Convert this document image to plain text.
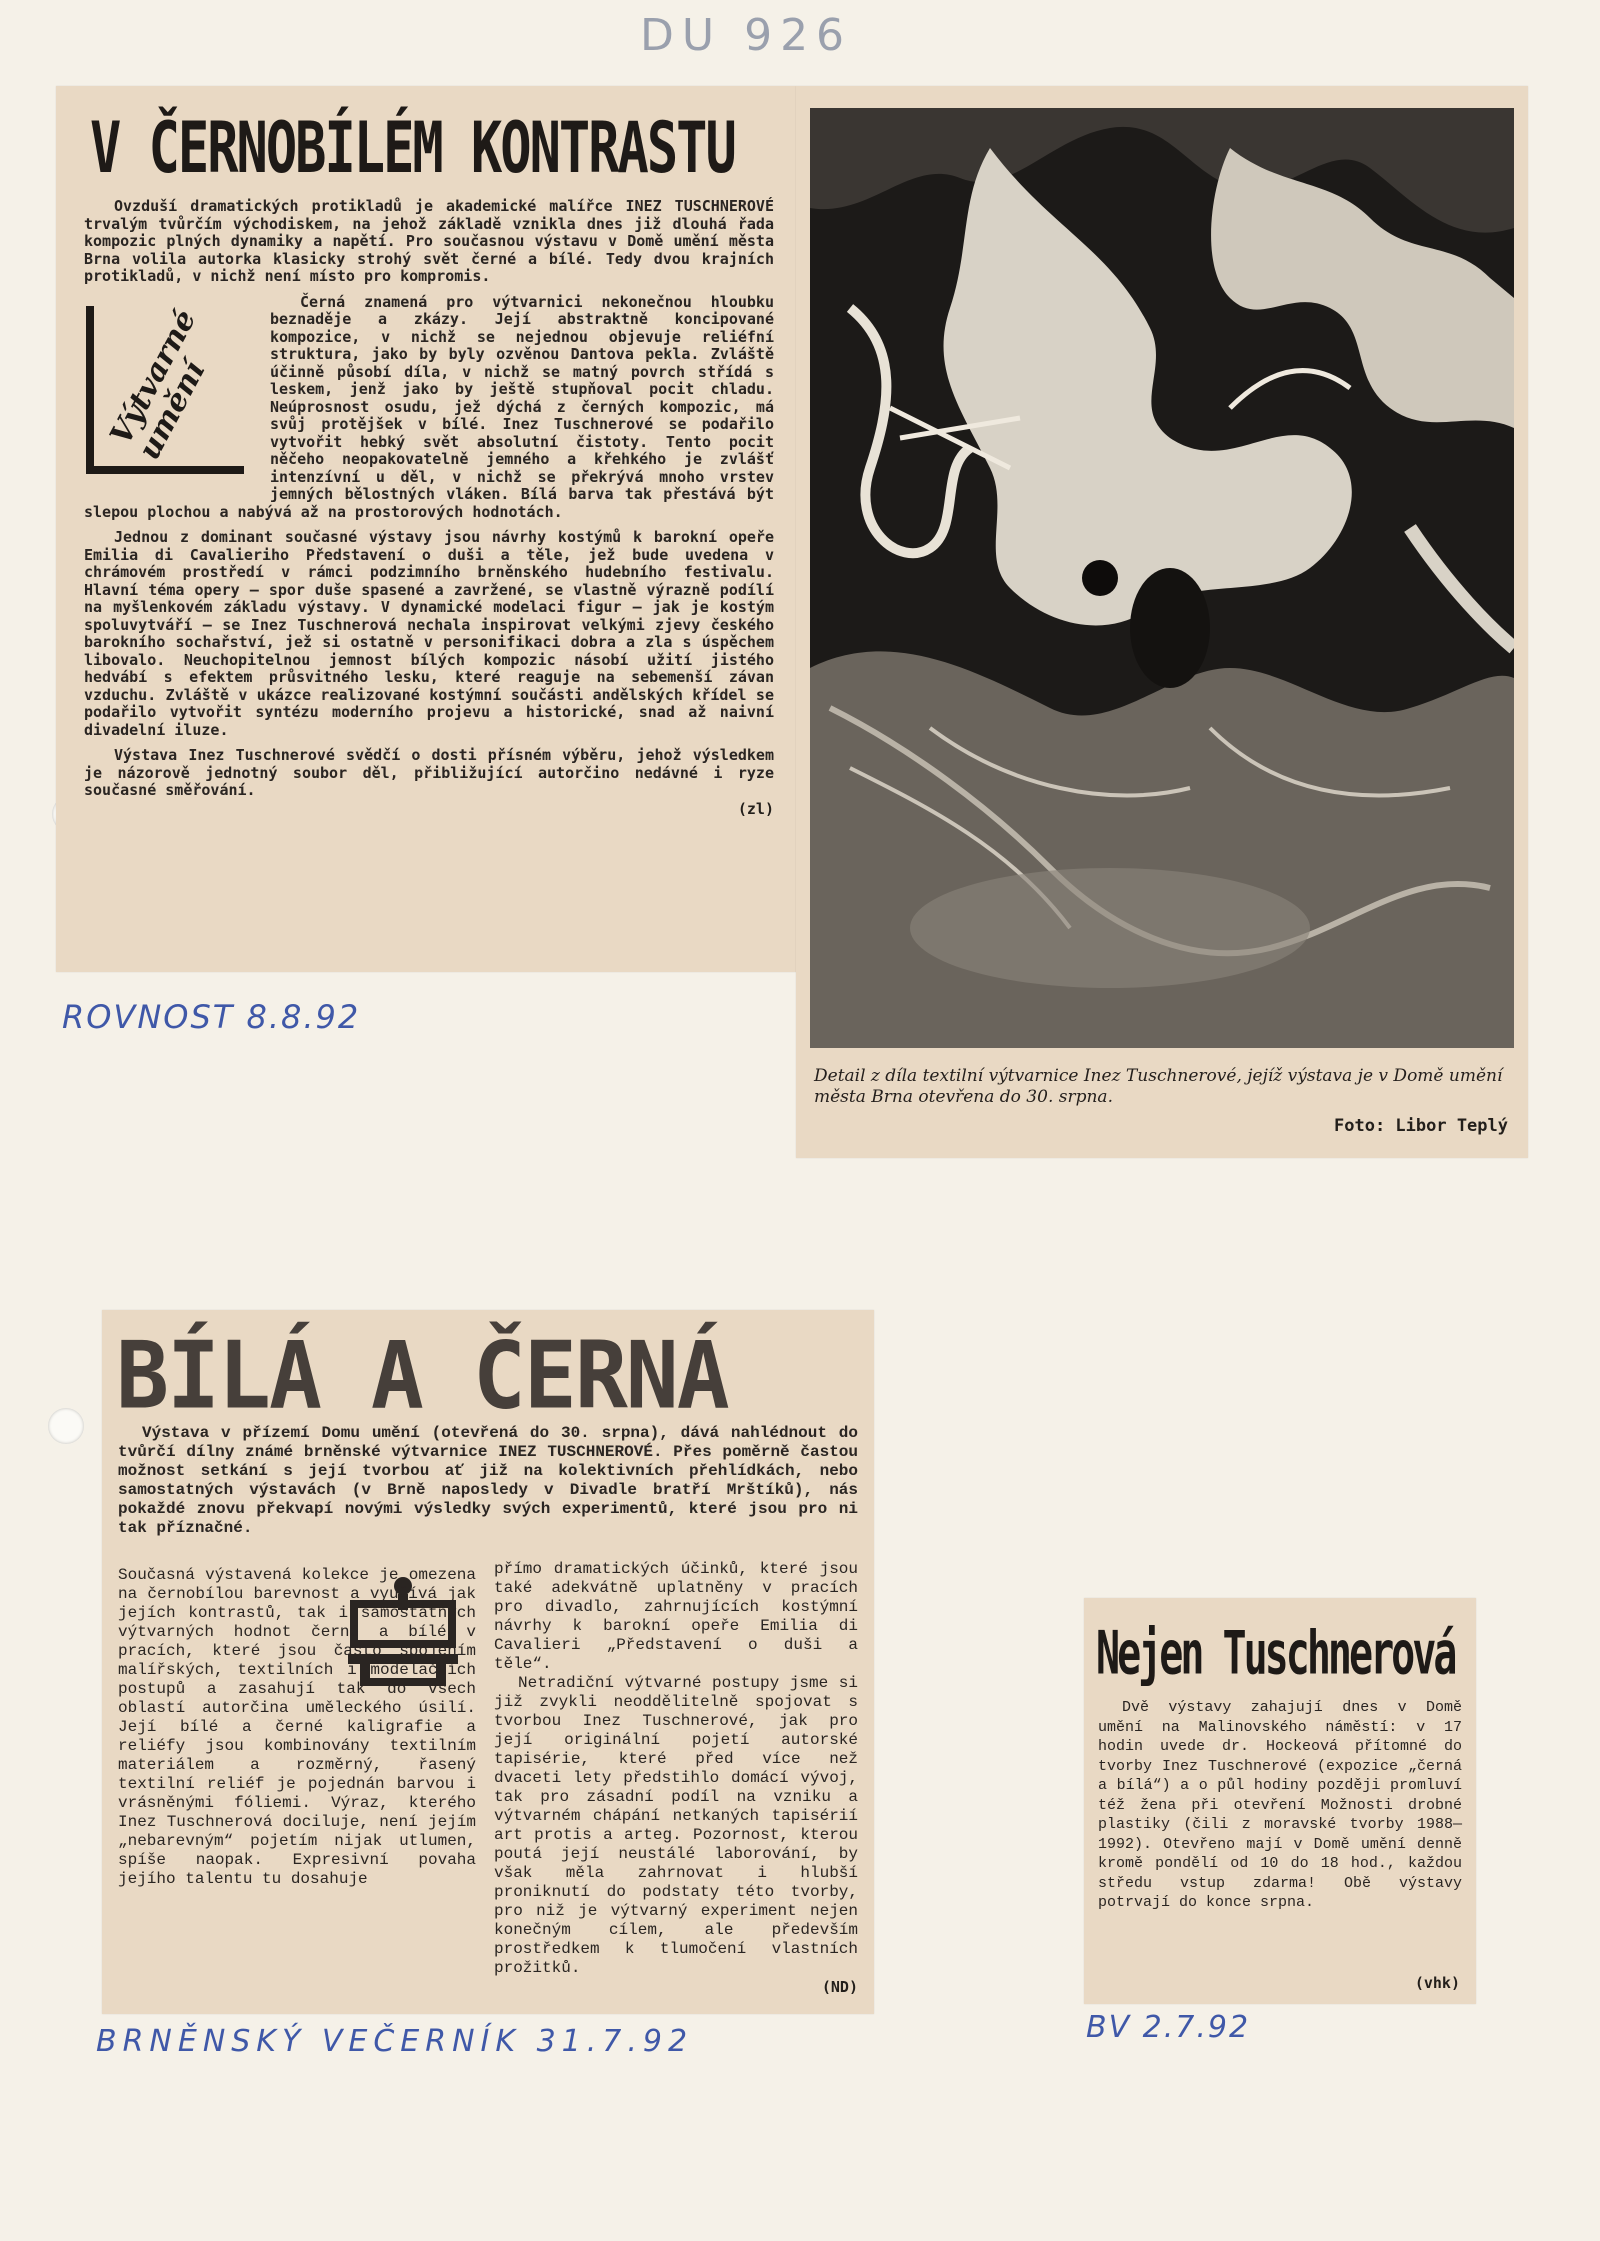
DU 926
V ČERNOBÍLÉM KONTRASTU

Ovzduší dramatických protikladů je akademické malířce INEZ TUSCHNEROVÉ trvalým tvůrčím východiskem, na jehož základě vznikla dnes již dlouhá řada kompozic plných dynamiky a napětí. Pro současnou výstavu v Domě umění města Brna volila autorka klasicky strohý svět černé a bílé. Tedy dvou krajních protikladů, v nichž není místo pro kompromis.

Výtvarné umění

Černá znamená pro výtvarnici nekonečnou hloubku beznaděje a zkázy. Její abstraktně koncipované kompozice, v nichž se nejednou objevuje reliéfní struktura, jako by byly ozvěnou Dantova pekla. Zvláště účinně působí díla, v nichž se matný povrch střídá s leskem, jenž jako by ještě stupňoval pocit chladu. Neúprosnost osudu, jež dýchá z černých kompozic, má svůj protějšek v bílé. Inez Tuschnerové se podařilo vytvořit hebký svět absolutní čistoty. Tento pocit něčeho neopakovatelně jemného a křehkého je zvlášť intenzívní u děl, v nichž se překrývá mnoho vrstev jemných bělostných vláken. Bílá barva tak přestává být slepou plochou a nabývá až na prostorových hodnotách.

Jednou z dominant současné výstavy jsou návrhy kostýmů k barokní opeře Emilia di Cavalieriho Představení o duši a těle, jež bude uvedena v chrámovém prostředí v rámci podzimního brněnského hudebního festivalu. Hlavní téma opery — spor duše spasené a zavržené, se vlastně výrazně podílí na myšlenkovém základu výstavy. V dynamické modelaci figur — jak je kostým spoluvytváří — se Inez Tuschnerová nechala inspirovat velkými zjevy českého barokního sochařství, jež si ostatně v personifikaci dobra a zla s úspěchem libovalo. Neuchopitelnou jemnost bílých kompozic násobí užití jistého hedvábí s efektem průsvitného lesku, které reaguje na sebemenší závan vzduchu. Zvláště v ukázce realizované kostýmní součásti andělských křídel se podařilo vytvořit syntézu moderního projevu a historické, snad až naivní divadelní iluze.

Výstava Inez Tuschnerové svědčí o dosti přísném výběru, jehož výsledkem je názorově jednotný soubor děl, přibližující autorčino nedávné i ryze současné směřování.

(zl)

Detail z díla textilní výtvarnice Inez Tuschnerové, jejíž výstava je v Domě umění města Brna otevřena do 30. srpna.

Foto: Libor Teplý
ROVNOST 8.8.92
BÍLÁ A ČERNÁ

Výstava v přízemí Domu umění (otevřená do 30. srpna), dává nahlédnout do tvůrčí dílny známé brněnské výtvarnice INEZ TUSCHNEROVÉ. Přes poměrně častou možnost setkání s její tvorbou ať již na kolektivních přehlídkách, nebo samostatných výstavách (v Brně naposledy v Divadle bratří Mrštíků), nás pokaždé znovu překvapí novými výsledky svých experimentů, které jsou pro ni tak příznačné.

Současná výstavená kolekce je omezena na černobílou barevnost a využívá jak jejích kontrastů, tak i samostatných výtvarných hodnot černé a bílé v pracích, které jsou často spojením malířských, textilních i modelačních postupů a zasahují tak do všech oblastí autorčina uměleckého úsilí. Její bílé a černé kaligrafie a reliéfy jsou kombinovány textilním materiálem a rozměrný, řasený textilní reliéf je pojednán barvou i vrásněnými fóliemi. Výraz, kterého Inez Tuschnerová dociluje, není jejím „nebarevným“ pojetím nijak utlumen, spíše naopak. Expresivní povaha jejího talentu tu dosahuje

přímo dramatických účinků, které jsou také adekvátně uplatněny v pracích pro divadlo, zahrnujících kostýmní návrhy k barokní opeře Emilia di Cavalieri „Představení o duši a těle“.

Netradiční výtvarné postupy jsme si již zvykli neoddělitelně spojovat s tvorbou Inez Tuschnerové, jak pro její originální pojetí autorské tapisérie, které před více než dvaceti lety předstihlo domácí vývoj, tak pro zásadní podíl na vzniku a výtvarném chápání netkaných tapisérií art protis a arteg. Pozornost, kterou poutá její neustálé laborování, by však měla zahrnovat i hlubší proniknutí do podstaty této tvorby, pro niž je výtvarný experiment nejen konečným cílem, ale především prostředkem k tlumočení vlastních prožitků.

(ND)
BRNĚNSKÝ VEČERNÍK 31.7.92
Nejen Tuschnerová

Dvě výstavy zahajují dnes v Domě umění na Malinovského náměstí: v 17 hodin uvede dr. Hockeová přítomné do tvorby Inez Tuschnerové (expozice „černá a bílá“) a o půl hodiny později promluví též žena při otevření Možnosti drobné plastiky (čili z moravské tvorby 1988—1992). Otevřeno mají v Domě umění denně kromě pondělí od 10 do 18 hod., každou středu vstup zdarma! Obě výstavy potrvají do konce srpna.

(vhk)
BV 2.7.92
